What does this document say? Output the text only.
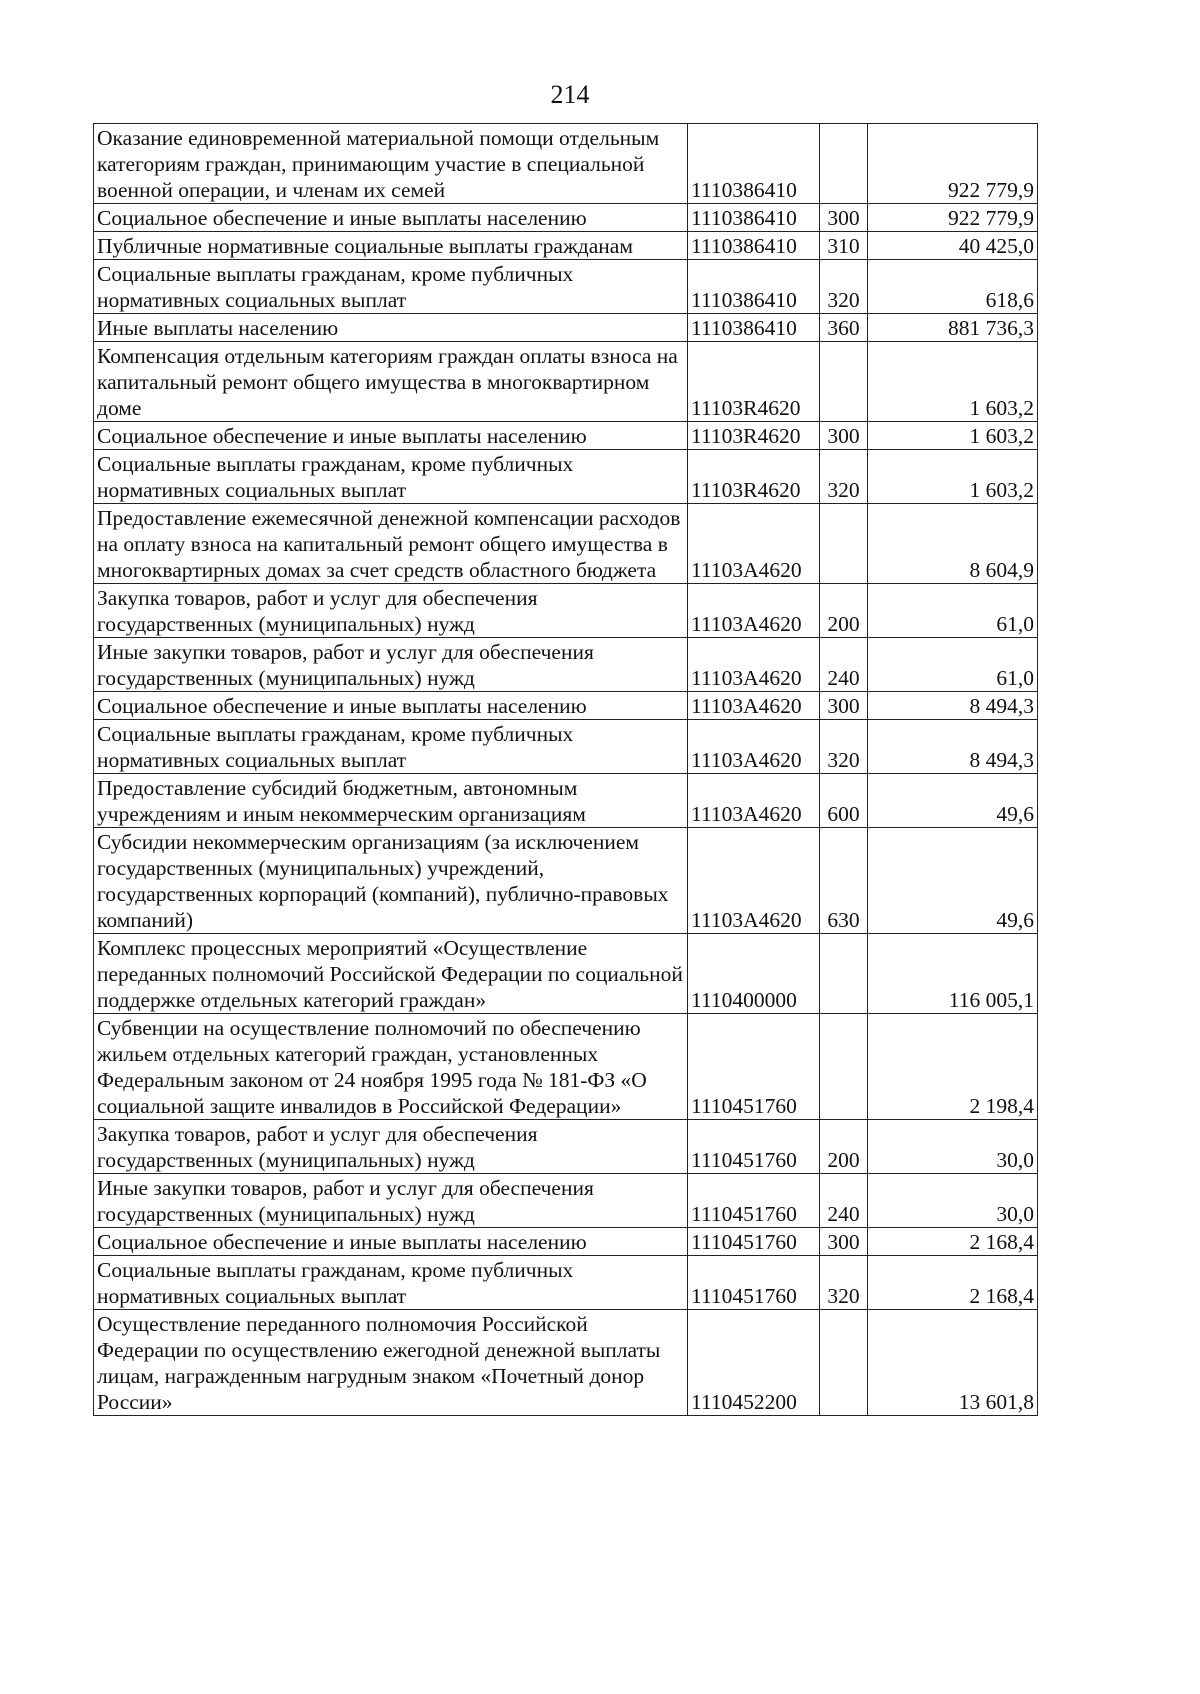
214
Оказание единовременной материальной помощи отдельным категориям граждан, принимающим участие в специальной военной операции, и членам их семей	1110386410		922 779,9
Социальное обеспечение и иные выплаты населению	1110386410	300	922 779,9
Публичные нормативные социальные выплаты гражданам	1110386410	310	40 425,0
Социальные выплаты гражданам, кроме публичных нормативных социальных выплат	1110386410	320	618,6
Иные выплаты населению	1110386410	360	881 736,3
Компенсация отдельным категориям граждан оплаты взноса на капитальный ремонт общего имущества в многоквартирном доме	11103R4620		1 603,2
Социальное обеспечение и иные выплаты населению	11103R4620	300	1 603,2
Социальные выплаты гражданам, кроме публичных нормативных социальных выплат	11103R4620	320	1 603,2
Предоставление ежемесячной денежной компенсации расходов на оплату взноса на капитальный ремонт общего имущества в многоквартирных домах за счет средств областного бюджета	11103A4620		8 604,9
Закупка товаров, работ и услуг для обеспечения государственных (муниципальных) нужд	11103A4620	200	61,0
Иные закупки товаров, работ и услуг для обеспечения государственных (муниципальных) нужд	11103A4620	240	61,0
Социальное обеспечение и иные выплаты населению	11103A4620	300	8 494,3
Социальные выплаты гражданам, кроме публичных нормативных социальных выплат	11103A4620	320	8 494,3
Предоставление субсидий бюджетным, автономным учреждениям и иным некоммерческим организациям	11103A4620	600	49,6
Субсидии некоммерческим организациям (за исключением государственных (муниципальных) учреждений, государственных корпораций (компаний), публично-правовых компаний)	11103A4620	630	49,6
Комплекс процессных мероприятий «Осуществление переданных полномочий Российской Федерации по социальной поддержке отдельных категорий граждан»	1110400000		116 005,1
Субвенции на осуществление полномочий по обеспечению жильем отдельных категорий граждан, установленных Федеральным законом от 24 ноября 1995 года № 181-ФЗ «О социальной защите инвалидов в Российской Федерации»	1110451760		2 198,4
Закупка товаров, работ и услуг для обеспечения государственных (муниципальных) нужд	1110451760	200	30,0
Иные закупки товаров, работ и услуг для обеспечения государственных (муниципальных) нужд	1110451760	240	30,0
Социальное обеспечение и иные выплаты населению	1110451760	300	2 168,4
Социальные выплаты гражданам, кроме публичных нормативных социальных выплат	1110451760	320	2 168,4
Осуществление переданного полномочия Российской Федерации по осуществлению ежегодной денежной выплаты лицам, награжденным нагрудным знаком «Почетный донор России»	1110452200		13 601,8
